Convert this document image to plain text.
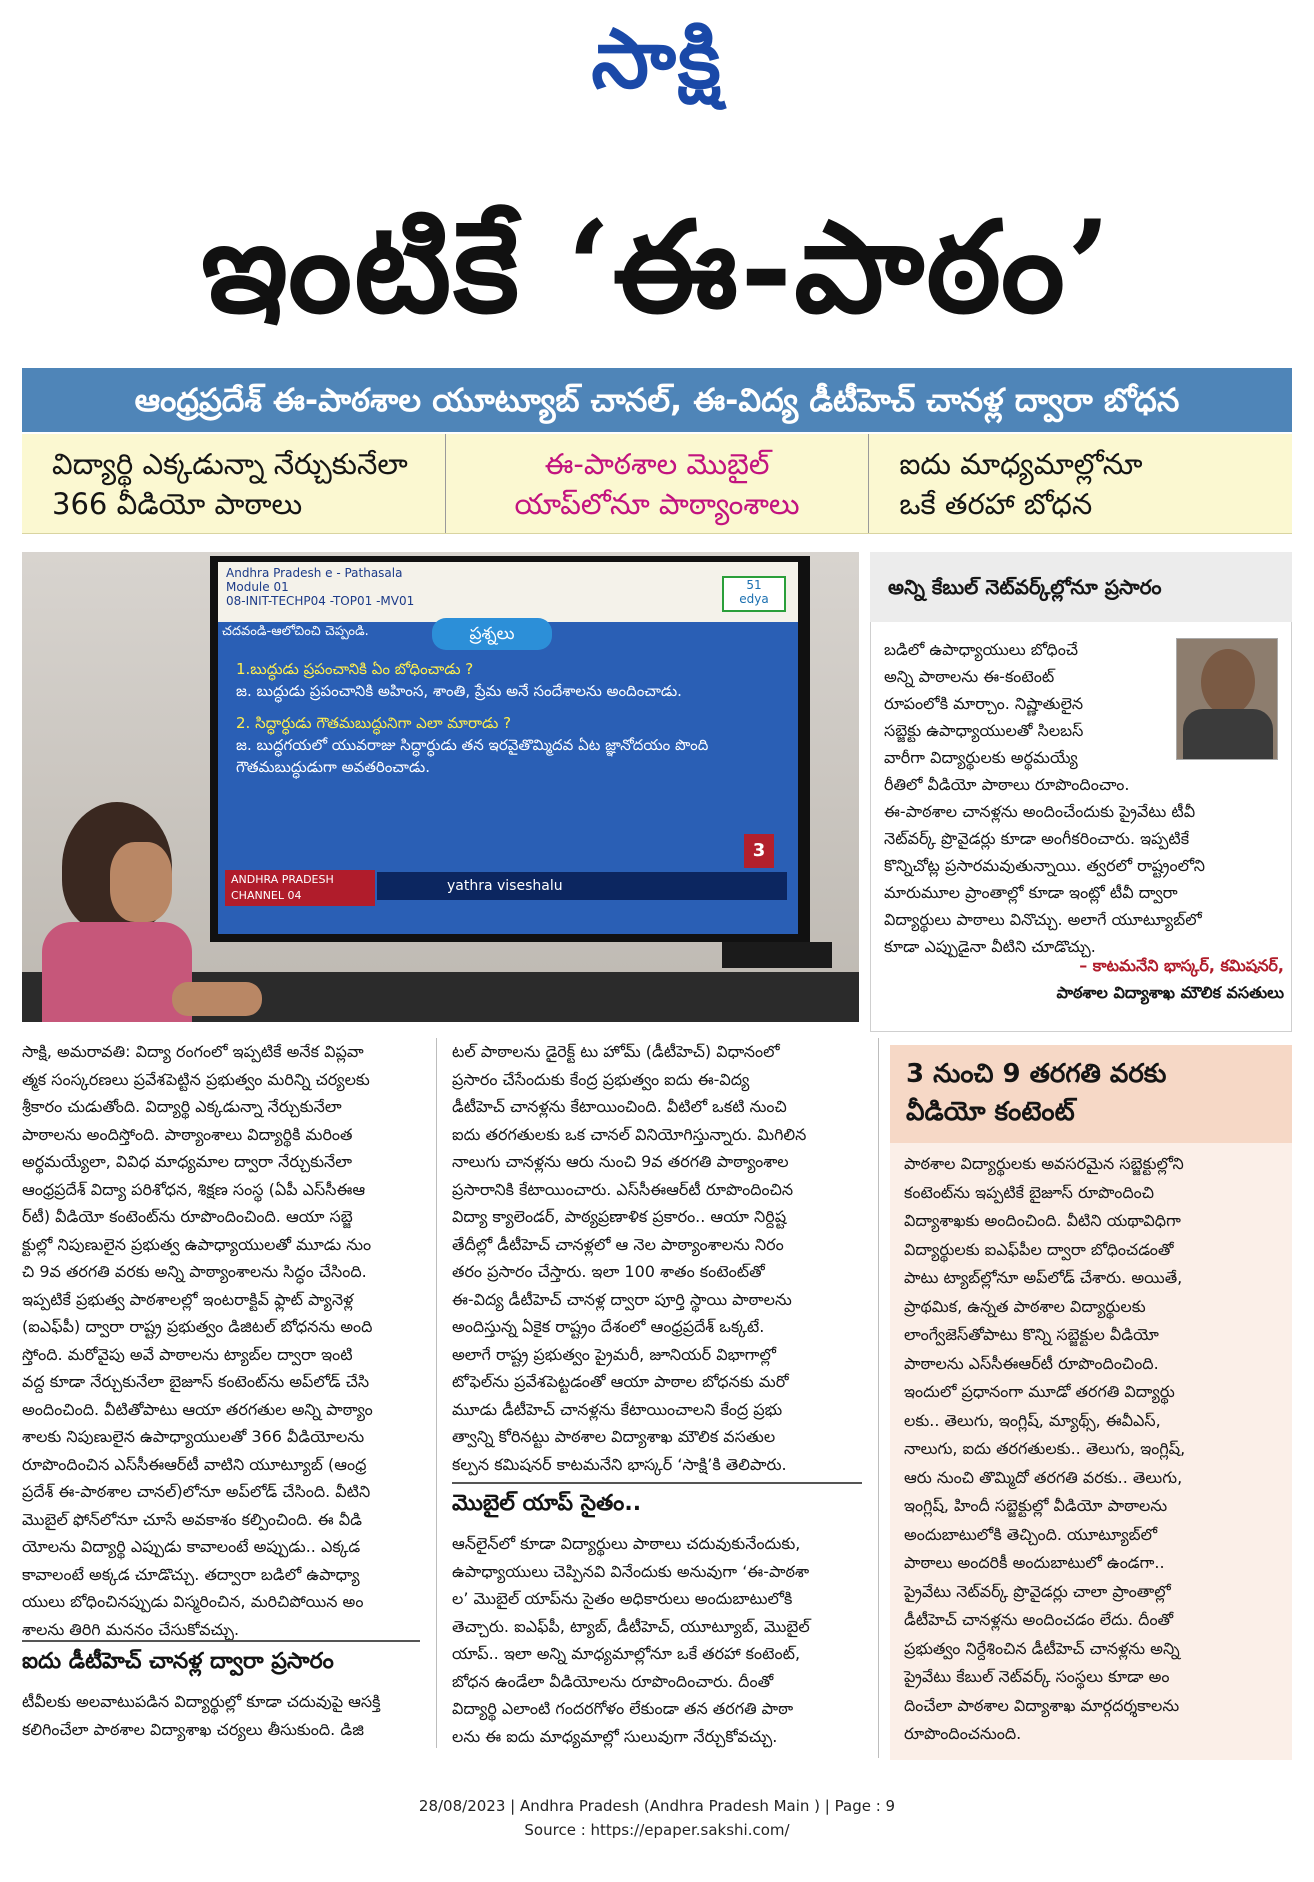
సాక్షి
ఇంటికే ‘ఈ-పాఠం’
ఆంధ్రప్రదేశ్ ఈ-పాఠశాల యూట్యూబ్ చానల్, ఈ-విద్య డీటీహెచ్ చానళ్ల ద్వారా బోధన
విద్యార్థి ఎక్కడున్నా నేర్చుకునేలా
366 వీడియో పాఠాలు
ఈ-పాఠశాల మొబైల్
యాప్‌లోనూ పాఠ్యాంశాలు
ఐదు మాధ్యమాల్లోనూ
ఒకే తరహా బోధన
Andhra Pradesh e - Pathasala
Module 01
08-INIT-TECHP04 -TOP01 -MV01
51
edya
చదవండి-ఆలోచించి చెప్పండి.	ప్రశ్నలు
1.బుద్ధుడు ప్రపంచానికి ఏం బోధించాడు ?
జ. బుద్ధుడు ప్రపంచానికి అహింస, శాంతి, ప్రేమ అనే సందేశాలను అందించాడు.
2. సిద్ధార్ధుడు గౌతమబుద్ధునిగా ఎలా మారాడు ?
జ. బుద్ధగయలో యువరాజు సిద్ధార్ధుడు తన ఇరవైతొమ్మిదవ ఏట జ్ఞానోదయం పొంది గౌతమబుద్ధుడుగా అవతరించాడు.
ANDHRA PRADESH
CHANNEL 04
yathra viseshalu
3
అన్ని కేబుల్ నెట్‌వర్క్‌ల్లోనూ ప్రసారం
బడిలో ఉపాధ్యాయులు బోధించే
అన్ని పాఠాలను ఈ-కంటెంట్
రూపంలోకి మార్చాం. నిష్ణాతులైన
సబ్జెక్టు ఉపాధ్యాయులతో సిలబస్
వారీగా విద్యార్థులకు అర్థమయ్యే
రీతిలో వీడియో పాఠాలు రూపొందించాం.
ఈ-పాఠశాల చానళ్లను అందించేందుకు ప్రైవేటు టీవీ
నెట్‌వర్క్ ప్రొవైడర్లు కూడా అంగీకరించారు. ఇప్పటికే
కొన్నిచోట్ల ప్రసారమవుతున్నాయి. త్వరలో రాష్ట్రంలోని
మారుమూల ప్రాంతాల్లో కూడా ఇంట్లో టీవీ ద్వారా
విద్యార్థులు పాఠాలు వినొచ్చు. అలాగే యూట్యూబ్‌లో
కూడా ఎప్పుడైనా వీటిని చూడొచ్చు.
– కాటమనేని భాస్కర్, కమిషనర్,
పాఠశాల విద్యాశాఖ మౌలిక వసతులు
సాక్షి, అమరావతి: విద్యా రంగంలో ఇప్పటికే అనేక విప్లవా
త్మక సంస్కరణలు ప్రవేశపెట్టిన ప్రభుత్వం మరిన్ని చర్యలకు
శ్రీకారం చుడుతోంది. విద్యార్థి ఎక్కడున్నా నేర్చుకునేలా
పాఠాలను అందిస్తోంది. పాఠ్యాంశాలు విద్యార్థికి మరింత
అర్థమయ్యేలా, వివిధ మాధ్యమాల ద్వారా నేర్చుకునేలా
ఆంధ్రప్రదేశ్ విద్యా పరిశోధన, శిక్షణ సంస్థ (ఏపీ ఎస్‌సీఈఆ
ర్‌టీ) వీడియో కంటెంట్‌ను రూపొందించింది. ఆయా సబ్జె
క్టుల్లో నిపుణులైన ప్రభుత్వ ఉపాధ్యాయులతో మూడు నుం
చి 9వ తరగతి వరకు అన్ని పాఠ్యాంశాలను సిద్ధం చేసింది.
ఇప్పటికే ప్రభుత్వ పాఠశాలల్లో ఇంటరాక్టివ్ ఫ్లాట్ ప్యానెళ్ల
(ఐఎఫ్‌పీ) ద్వారా రాష్ట్ర ప్రభుత్వం డిజిటల్ బోధనను అంది
స్తోంది. మరోవైపు అవే పాఠాలను ట్యాబ్‌ల ద్వారా ఇంటి
వద్ద కూడా నేర్చుకునేలా బైజూస్ కంటెంట్‌ను అప్‌లోడ్ చేసి
అందించింది. వీటితోపాటు ఆయా తరగతుల అన్ని పాఠ్యాం
శాలకు నిపుణులైన ఉపాధ్యాయులతో 366 వీడియోలను
రూపొందించిన ఎస్‌సీఈఆర్‌టీ వాటిని యూట్యూబ్ (ఆంధ్ర
ప్రదేశ్ ఈ-పాఠశాల చానల్)లోనూ అప్‌లోడ్ చేసింది. వీటిని
మొబైల్ ఫోన్‌లోనూ చూసే అవకాశం కల్పించింది. ఈ వీడి
యోలను విద్యార్థి ఎప్పుడు కావాలంటే అప్పుడు.. ఎక్కడ
కావాలంటే అక్కడ చూడొచ్చు. తద్వారా బడిలో ఉపాధ్యా
యులు బోధించినప్పుడు విస్మరించిన, మరిచిపోయిన అం
శాలను తిరిగి మననం చేసుకోవచ్చు.
ఐదు డీటీహెచ్ చానళ్ల ద్వారా ప్రసారం
టీవీలకు అలవాటుపడిన విద్యార్థుల్లో కూడా చదువుపై ఆసక్తి
కలిగించేలా పాఠశాల విద్యాశాఖ చర్యలు తీసుకుంది. డిజి
టల్ పాఠాలను డైరెక్ట్ టు హోమ్ (డీటీహెచ్) విధానంలో
ప్రసారం చేసేందుకు కేంద్ర ప్రభుత్వం ఐదు ఈ-విద్య
డీటీహెచ్ చానళ్లను కేటాయించింది. వీటిలో ఒకటి నుంచి
ఐదు తరగతులకు ఒక చానల్ వినియోగిస్తున్నారు. మిగిలిన
నాలుగు చానళ్లను ఆరు నుంచి 9వ తరగతి పాఠ్యాంశాల
ప్రసారానికి కేటాయించారు. ఎస్‌సీఈఆర్‌టీ రూపొందించిన
విద్యా క్యాలెండర్, పాఠ్యప్రణాళిక ప్రకారం.. ఆయా నిర్దిష్ట
తేదీల్లో డీటీహెచ్ చానళ్లలో ఆ నెల పాఠ్యాంశాలను నిరం
తరం ప్రసారం చేస్తారు. ఇలా 100 శాతం కంటెంట్‌తో
ఈ-విద్య డీటీహెచ్ చానళ్ల ద్వారా పూర్తి స్థాయి పాఠాలను
అందిస్తున్న ఏకైక రాష్ట్రం దేశంలో ఆంధ్రప్రదేశ్ ఒక్కటే.
అలాగే రాష్ట్ర ప్రభుత్వం ప్రైమరీ, జూనియర్ విభాగాల్లో
టోఫెల్‌ను ప్రవేశపెట్టడంతో ఆయా పాఠాల బోధనకు మరో
మూడు డీటీహెచ్ చానళ్లను కేటాయించాలని కేంద్ర ప్రభు
త్వాన్ని కోరినట్టు పాఠశాల విద్యాశాఖ మౌలిక వసతుల
కల్పన కమిషనర్ కాటమనేని భాస్కర్ ‘సాక్షి’కి తెలిపారు.
మొబైల్ యాప్ సైతం..
ఆన్‌లైన్‌లో కూడా విద్యార్థులు పాఠాలు చదువుకునేందుకు,
ఉపాధ్యాయులు చెప్పినవి వినేందుకు అనువుగా ‘ఈ-పాఠశా
ల’ మొబైల్ యాప్‌ను సైతం అధికారులు అందుబాటులోకి
తెచ్చారు. ఐఎఫ్‌పీ, ట్యాబ్, డీటీహెచ్, యూట్యూబ్, మొబైల్
యాప్.. ఇలా అన్ని మాధ్యమాల్లోనూ ఒకే తరహా కంటెంట్,
బోధన ఉండేలా వీడియోలను రూపొందించారు. దీంతో
విద్యార్థి ఎలాంటి గందరగోళం లేకుండా తన తరగతి పాఠా
లను ఈ ఐదు మాధ్యమాల్లో సులువుగా నేర్చుకోవచ్చు.
3 నుంచి 9 తరగతి వరకు
వీడియో కంటెంట్
పాఠశాల విద్యార్థులకు అవసరమైన సబ్జెక్టుల్లోని
కంటెంట్‌ను ఇప్పటికే బైజూస్ రూపొందించి
విద్యాశాఖకు అందించింది. వీటిని యథావిధిగా
విద్యార్థులకు ఐఎఫ్‌పీల ద్వారా బోధించడంతో
పాటు ట్యాబ్‌ల్లోనూ అప్‌లోడ్ చేశారు. అయితే,
ప్రాథమిక, ఉన్నత పాఠశాల విద్యార్థులకు
లాంగ్వేజెస్‌తోపాటు కొన్ని సబ్జెక్టుల వీడియో
పాఠాలను ఎస్‌సీఈఆర్‌టీ రూపొందించింది.
ఇందులో ప్రధానంగా మూడో తరగతి విద్యార్థు
లకు.. తెలుగు, ఇంగ్లిష్, మ్యాథ్స్, ఈవీఎస్,
నాలుగు, ఐదు తరగతులకు.. తెలుగు, ఇంగ్లిష్,
ఆరు నుంచి తొమ్మిదో తరగతి వరకు.. తెలుగు,
ఇంగ్లిష్, హిందీ సబ్జెక్టుల్లో వీడియో పాఠాలను
అందుబాటులోకి తెచ్చింది. యూట్యూబ్‌లో
పాఠాలు అందరికీ అందుబాటులో ఉండగా..
ప్రైవేటు నెట్‌వర్క్ ప్రొవైడర్లు చాలా ప్రాంతాల్లో
డీటీహెచ్ చానళ్లను అందించడం లేదు. దీంతో
ప్రభుత్వం నిర్దేశించిన డీటీహెచ్ చానళ్లను అన్ని
ప్రైవేటు కేబుల్ నెట్‌వర్క్ సంస్థలు కూడా అం
దించేలా పాఠశాల విద్యాశాఖ మార్గదర్శకాలను
రూపొందించనుంది.
28/08/2023 | Andhra Pradesh (Andhra Pradesh Main ) | Page : 9
Source : https://epaper.sakshi.com/
